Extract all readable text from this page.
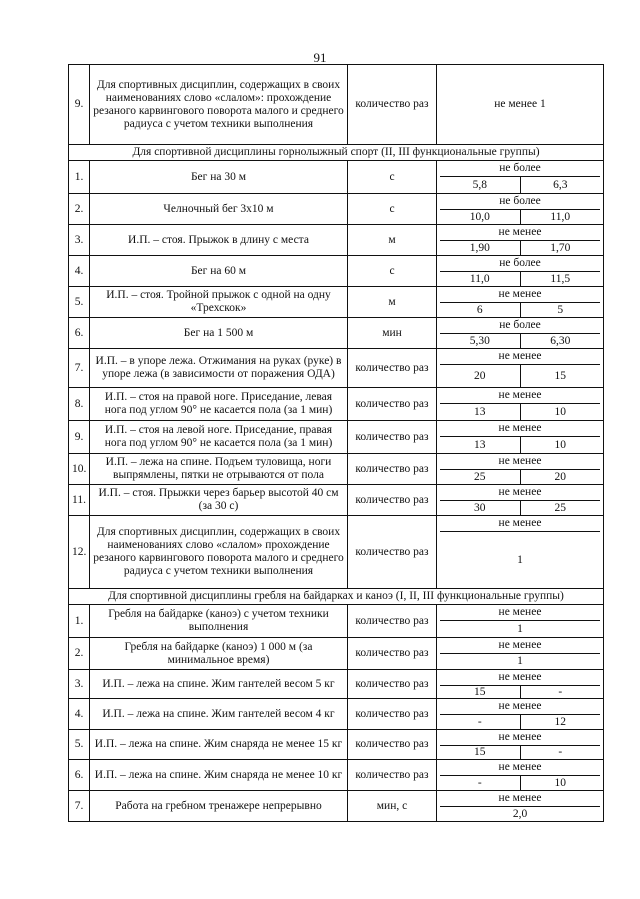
91
9.	Для спортивных дисциплин, содержащих в своих наименованиях слово «слалом»: прохождение резаного карвингового поворота малого и среднего радиуса с учетом техники выполнения	количество раз	не менее 1
Для спортивной дисциплины горнолыжный спорт (II, III функциональные группы)			
1.	Бег на 30 м	с	не более
5,8 6,3

2.	Челночный бег 3x10 м	с	не более
10,0 11,0

3.	И.П. – стоя. Прыжок в длину с места	м	не менее
1,90 1,70

4.	Бег на 60 м	с	не более
11,0 11,5

5.	И.П. – стоя. Тройной прыжок с одной на одну «Трехскок»	м	не менее
6 5

6.	Бег на 1 500 м	мин	не более
5,30 6,30

7.	И.П. – в упоре лежа. Отжимания на руках (руке) в упоре лежа (в зависимости от поражения ОДА)	количество раз	не менее
20 15

8.	И.П. – стоя на правой ноге. Приседание, левая нога под углом 90° не касается пола (за 1 мин)	количество раз	не менее
13 10

9.	И.П. – стоя на левой ноге. Приседание, правая нога под углом 90° не касается пола (за 1 мин)	количество раз	не менее
13 10

10.	И.П. – лежа на спине. Подъем туловища, ноги выпрямлены, пятки не отрываются от пола	количество раз	не менее
25 20

11.	И.П. – стоя. Прыжки через барьер высотой 40 см (за 30 с)	количество раз	не менее
30 25

12.	Для спортивных дисциплин, содержащих в своих наименованиях слово «слалом» прохождение резаного карвингового поворота малого и среднего радиуса с учетом техники выполнения	количество раз	не менее
1

Для спортивной дисциплины гребля на байдарках и каноэ (I, II, III функциональные группы)			
1.	Гребля на байдарке (каноэ) с учетом техники выполнения	количество раз	не менее
1

2.	Гребля на байдарке (каноэ) 1 000 м (за минимальное время)	количество раз	не менее
1

3.	И.П. – лежа на спине. Жим гантелей весом 5 кг	количество раз	не менее
15 -

4.	И.П. – лежа на спине. Жим гантелей весом 4 кг	количество раз	не менее
- 12

5.	И.П. – лежа на спине. Жим снаряда не менее 15 кг	количество раз	не менее
15 -

6.	И.П. – лежа на спине. Жим снаряда не менее 10 кг	количество раз	не менее
- 10

7.	Работа на гребном тренажере непрерывно	мин, с	не менее
2,0
